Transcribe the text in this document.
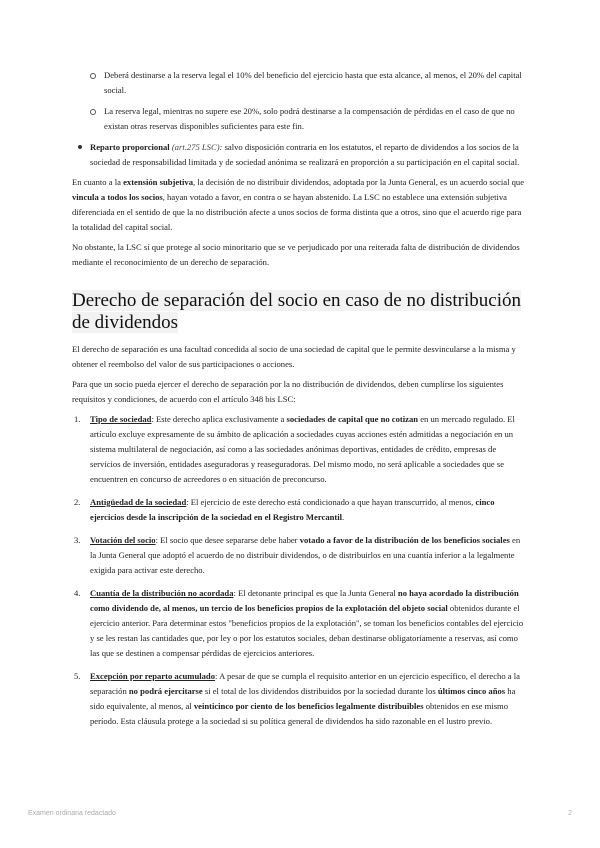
Deberá destinarse a la reserva legal el 10% del beneficio del ejercicio hasta que esta alcance, al menos, el 20% del capital social.
La reserva legal, mientras no supere ese 20%, solo podrá destinarse a la compensación de pérdidas en el caso de que no existan otras reservas disponibles suficientes para este fin.
Reparto proporcional (art.275 LSC): salvo disposición contraria en los estatutos, el reparto de dividendos a los socios de la sociedad de responsabilidad limitada y de sociedad anónima se realizará en proporción a su participación en el capital social.

En cuanto a la extensión subjetiva, la decisión de no distribuir dividendos, adoptada por la Junta General, es un acuerdo social que vincula a todos los socios, hayan votado a favor, en contra o se hayan abstenido. La LSC no establece una extensión subjetiva diferenciada en el sentido de que la no distribución afecte a unos socios de forma distinta que a otros, sino que el acuerdo rige para la totalidad del capital social.

No obstante, la LSC sí que protege al socio minoritario que se ve perjudicado por una reiterada falta de distribución de dividendos mediante el reconocimiento de un derecho de separación.

Derecho de separación del socio en caso de no distribución de dividendos

El derecho de separación es una facultad concedida al socio de una sociedad de capital que le permite desvincularse a la misma y obtener el reembolso del valor de sus participaciones o acciones.

Para que un socio pueda ejercer el derecho de separación por la no distribución de dividendos, deben cumplirse los siguientes requisitos y condiciones, de acuerdo con el artículo 348 bis LSC:

1. Tipo de sociedad: Este derecho aplica exclusivamente a sociedades de capital que no cotizan en un mercado regulado. El artículo excluye expresamente de su ámbito de aplicación a sociedades cuyas acciones estén admitidas a negociación en un sistema multilateral de negociación, así como a las sociedades anónimas deportivas, entidades de crédito, empresas de servicios de inversión, entidades aseguradoras y reaseguradoras. Del mismo modo, no será aplicable a sociedades que se encuentren en concurso de acreedores o en situación de preconcurso.
2. Antigüedad de la sociedad: El ejercicio de este derecho está condicionado a que hayan transcurrido, al menos, cinco ejercicios desde la inscripción de la sociedad en el Registro Mercantil.
3. Votación del socio: El socio que desee separarse debe haber votado a favor de la distribución de los beneficios sociales en la Junta General que adoptó el acuerdo de no distribuir dividendos, o de distribuirlos en una cuantía inferior a la legalmente exigida para activar este derecho.
4. Cuantía de la distribución no acordada: El detonante principal es que la Junta General no haya acordado la distribución como dividendo de, al menos, un tercio de los beneficios propios de la explotación del objeto social obtenidos durante el ejercicio anterior. Para determinar estos "beneficios propios de la explotación", se toman los beneficios contables del ejercicio y se les restan las cantidades que, por ley o por los estatutos sociales, deban destinarse obligatoriamente a reservas, así como las que se destinen a compensar pérdidas de ejercicios anteriores.
5. Excepción por reparto acumulado: A pesar de que se cumpla el requisito anterior en un ejercicio específico, el derecho a la separación no podrá ejercitarse si el total de los dividendos distribuidos por la sociedad durante los últimos cinco años ha sido equivalente, al menos, al veinticinco por ciento de los beneficios legalmente distribuibles obtenidos en ese mismo período. Esta cláusula protege a la sociedad si su política general de dividendos ha sido razonable en el lustro previo.
Examen ordinaria redactado	2
